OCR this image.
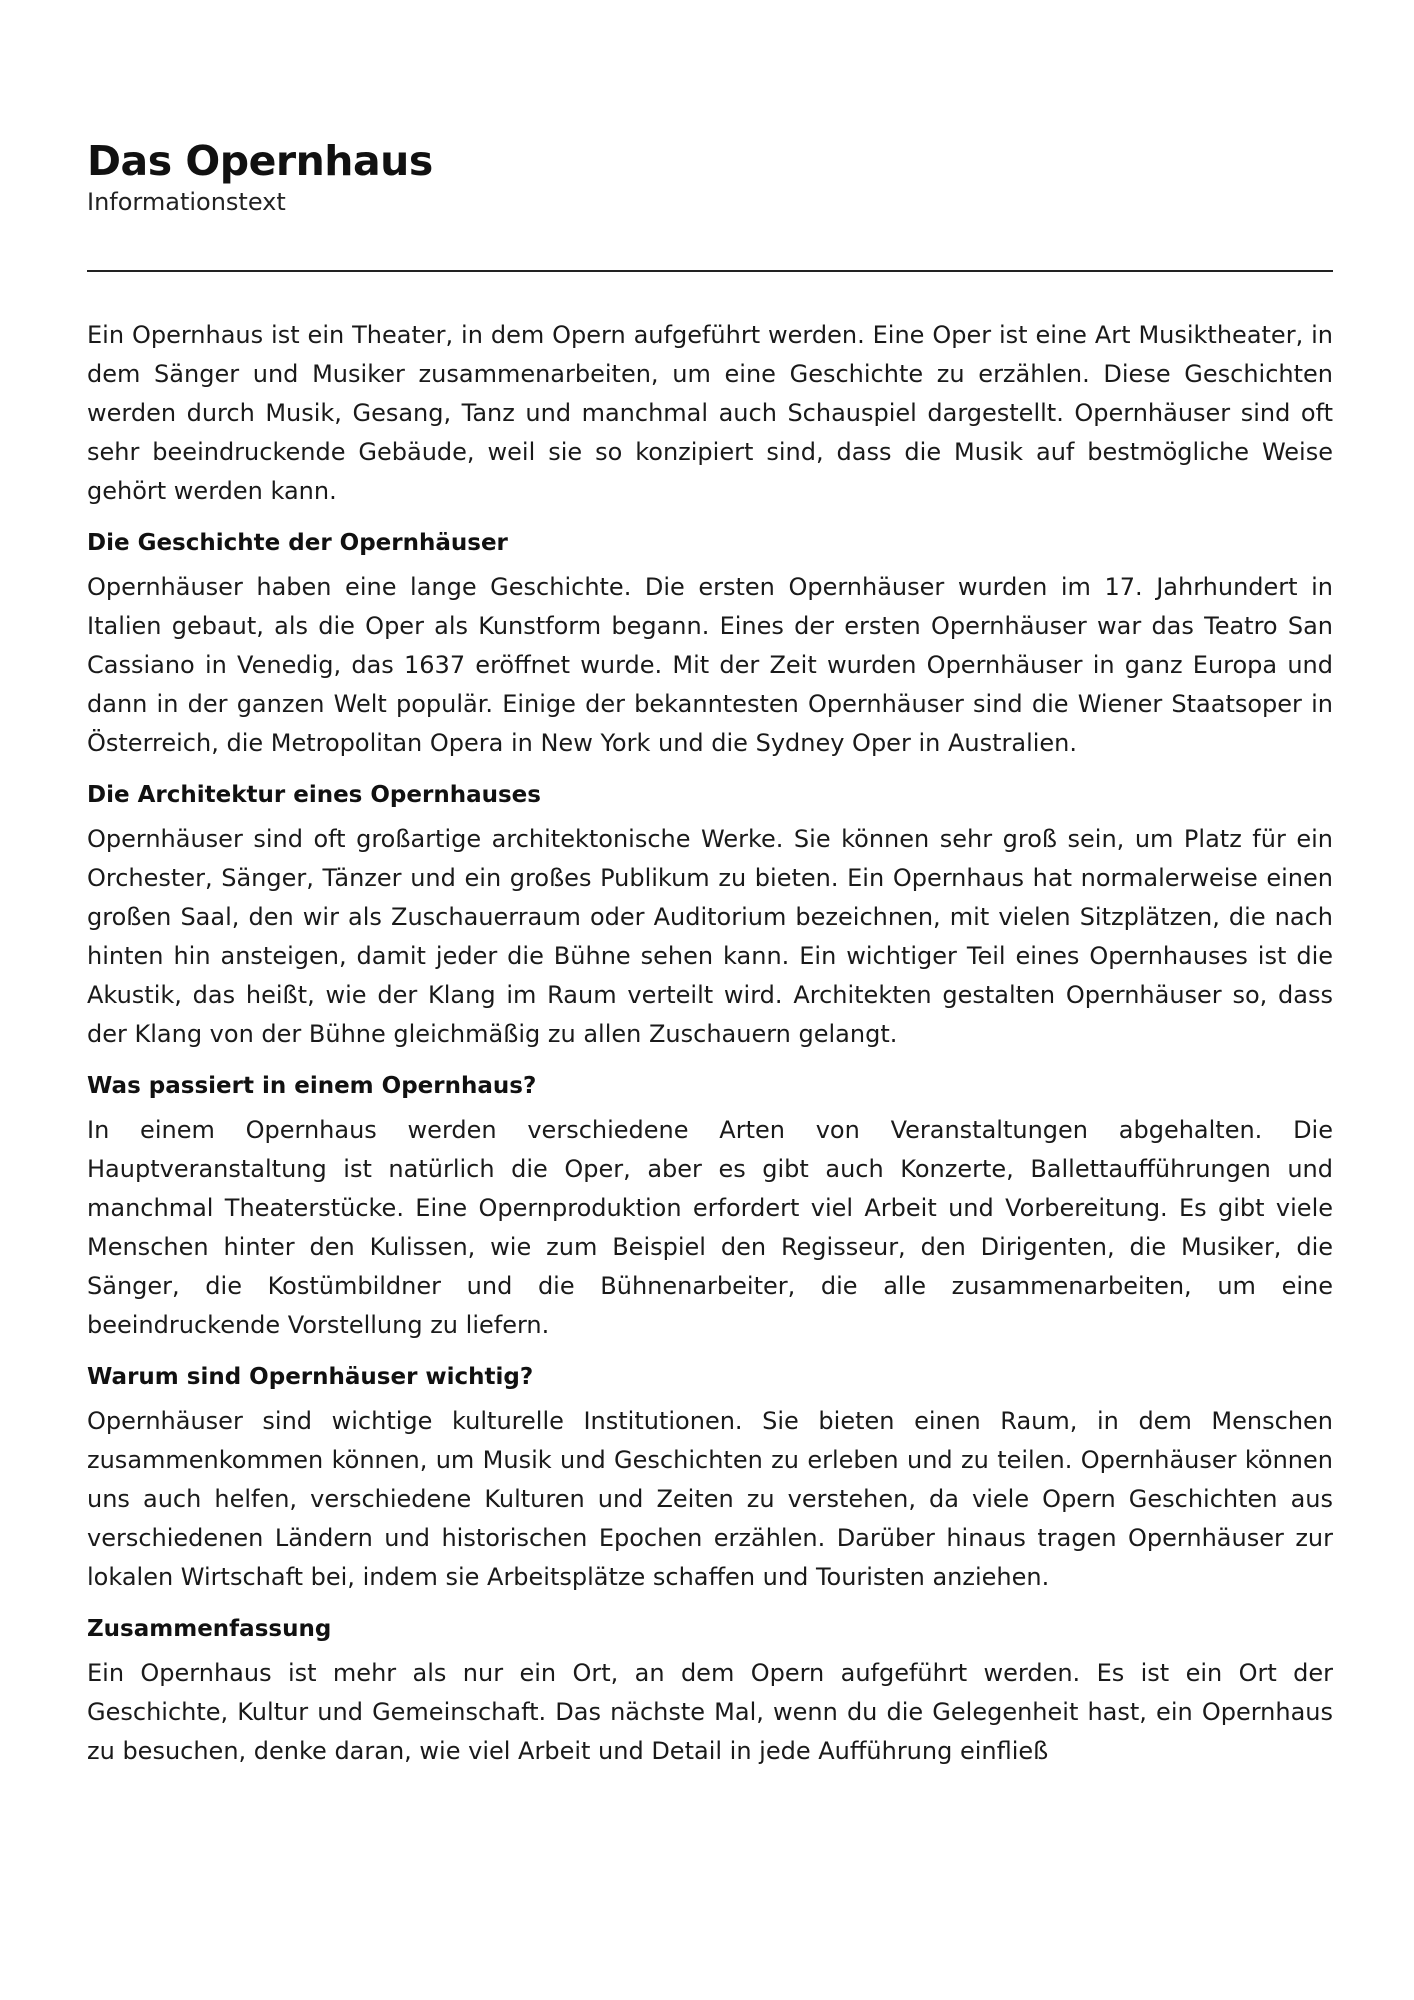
Das Opernhaus

Informationstext

Ein Opernhaus ist ein Theater, in dem Opern aufgeführt werden. Eine Oper ist eine Art Musiktheater, in dem Sänger und Musiker zusammenarbeiten, um eine Geschichte zu erzählen. Diese Geschichten werden durch Musik, Gesang, Tanz und manchmal auch Schauspiel dargestellt. Opernhäuser sind oft sehr beeindruckende Gebäude, weil sie so konzipiert sind, dass die Musik auf bestmögliche Weise gehört werden kann.

Die Geschichte der Opernhäuser

Opernhäuser haben eine lange Geschichte. Die ersten Opernhäuser wurden im 17. Jahrhundert in Italien gebaut, als die Oper als Kunstform begann. Eines der ersten Opernhäuser war das Teatro San Cassiano in Venedig, das 1637 eröffnet wurde. Mit der Zeit wurden Opernhäuser in ganz Europa und dann in der ganzen Welt populär. Einige der bekanntesten Opernhäuser sind die Wiener Staatsoper in Österreich, die Metropolitan Opera in New York und die Sydney Oper in Australien.

Die Architektur eines Opernhauses

Opernhäuser sind oft großartige architektonische Werke. Sie können sehr groß sein, um Platz für ein Orchester, Sänger, Tänzer und ein großes Publikum zu bieten. Ein Opernhaus hat normalerweise einen großen Saal, den wir als Zuschauerraum oder Auditorium bezeichnen, mit vielen Sitzplätzen, die nach hinten hin ansteigen, damit jeder die Bühne sehen kann. Ein wichtiger Teil eines Opernhauses ist die Akustik, das heißt, wie der Klang im Raum verteilt wird. Architekten gestalten Opernhäuser so, dass der Klang von der Bühne gleichmäßig zu allen Zuschauern gelangt.

Was passiert in einem Opernhaus?

In einem Opernhaus werden verschiedene Arten von Veranstaltungen abgehalten. Die Hauptveranstaltung ist natürlich die Oper, aber es gibt auch Konzerte, Ballettaufführungen und manchmal Theaterstücke. Eine Opernproduktion erfordert viel Arbeit und Vorbereitung. Es gibt viele Menschen hinter den Kulissen, wie zum Beispiel den Regisseur, den Dirigenten, die Musiker, die Sänger, die Kostümbildner und die Bühnenarbeiter, die alle zusammenarbeiten, um eine beeindruckende Vorstellung zu liefern.

Warum sind Opernhäuser wichtig?

Opernhäuser sind wichtige kulturelle Institutionen. Sie bieten einen Raum, in dem Menschen zusammenkommen können, um Musik und Geschichten zu erleben und zu teilen. Opernhäuser können uns auch helfen, verschiedene Kulturen und Zeiten zu verstehen, da viele Opern Geschichten aus verschiedenen Ländern und historischen Epochen erzählen. Darüber hinaus tragen Opernhäuser zur lokalen Wirtschaft bei, indem sie Arbeitsplätze schaffen und Touristen anziehen.

Zusammenfassung

Ein Opernhaus ist mehr als nur ein Ort, an dem Opern aufgeführt werden. Es ist ein Ort der Geschichte, Kultur und Gemeinschaft. Das nächste Mal, wenn du die Gelegenheit hast, ein Opernhaus zu besuchen, denke daran, wie viel Arbeit und Detail in jede Aufführung einfließ
